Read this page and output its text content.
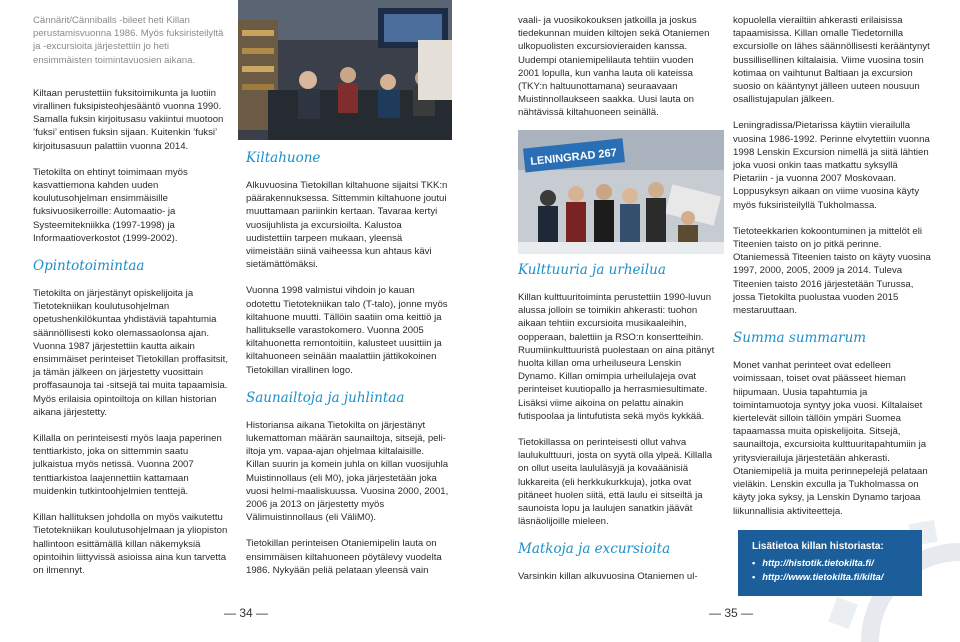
Cännärit/Cänniballs -bileet heti Killan perustamisvuonna 1986. Myös fuksiristeilyltä ja -excursioita järjestettiin jo heti ensimmäisten toimintavuosien aikana.

Kiltaan perustettiin fuksitoimikunta ja luotiin virallinen fuksipisteohjesääntö vuonna 1990. Samalla fuksin kirjoitusasu vakiintui muotoon ’fuksi’ entisen fuksin sijaan. Kuitenkin ’fuksi’ kirjoitusasuun palattiin vuonna 2014.

Tietokilta on ehtinyt toimimaan myös kasvattiemona kahden uuden koulutusohjelman ensimmäisille fuksivuosikerroille: Automaatio- ja Systeemitekniikka (1997-1998) ja Informaatioverkostot (1999-2002).

Opintotoimintaa

Tietokilta on järjestänyt opiskelijoita ja Tietotekniikan koulutusohjelman opetushenkilökuntaa yhdistäviä tapahtumia säännöllisesti koko olemassaolonsa ajan. Vuonna 1987 järjestettiin kautta aikain ensimmäiset perinteiset Tietokillan proffasitsit, ja tämän jälkeen on järjestetty vuosittain proffasaunoja tai -sitsejä tai muita tapaamisia. Myös erilaisia opintoiltoja on killan historian aikana järjestetty.

Killalla on perinteisesti myös laaja paperinen tenttiarkisto, joka on sittemmin saatu julkaistua myös netissä. Vuonna 2007 tenttiarkistoa laajennettiin kattamaan muidenkin tutkintoohjelmien tenttejä.

Killan hallituksen johdolla on myös vaikutettu Tietotekniikan koulutusohjelmaan ja yliopiston hallintoon esittämällä killan näkemyksiä opintoihin liittyvissä asioissa aina kun tarvetta on ilmennyt.

Kiltahuone

Alkuvuosina Tietokillan kiltahuone sijaitsi TKK:n päärakennuksessa. Sittemmin kiltahuone joutui muuttamaan pariinkin kertaan. Tavaraa kertyi vuosijuhlista ja excursioilta. Kalustoa uudistettiin tarpeen mukaan, yleensä viimeistään siinä vaiheessa kun ahtaus kävi sietämättömäksi.

Vuonna 1998 valmistui vihdoin jo kauan odotettu Tietotekniikan talo (T-talo), jonne myös kiltahuone muutti. Tällöin saatiin oma keittiö ja hallitukselle varastokomero. Vuonna 2005 kiltahuonetta remontoitiin, kalusteet uusittiin ja kiltahuoneen seinään maalattiin jättikokoinen Tietokillan virallinen logo.

Saunailtoja ja juhlintaa

Historiansa aikana Tietokilta on järjestänyt lukemattoman määrän saunailtoja, sitsejä, peli-iltoja ym. vapaa-ajan ohjelmaa kiltalaisille. Killan suurin ja komein juhla on killan vuosijuhla Muistinnollaus (eli M0), joka järjestetään joka vuosi helmi-maaliskuussa. Vuosina 2000, 2001, 2006 ja 2013 on järjestetty myös Välimuistinnollaus (eli VäliM0).

Tietokillan perinteisen Otaniemipelin lauta on ensimmäisen kiltahuoneen pöytälevy vuodelta 1986. Nykyään peliä pelataan yleensä vain

— 34 —

vaali- ja vuosikokouksen jatkoilla ja joskus tiedekunnan muiden kiltojen sekä Otaniemen ulkopuolisten excursiovieraiden kanssa. Uudempi otaniemipelilauta tehtiin vuoden 2001 lopulla, kun vanha lauta oli kateissa (TKY:n haltuunottamana) seuraavaan Muistinnollaukseen saakka. Uusi lauta on nähtävissä kiltahuoneen seinällä.

LENINGRAD 267
Kulttuuria ja urheilua

Killan kulttuuritoiminta perustettiin 1990-luvun alussa jolloin se toimikin ahkerasti: tuohon aikaan tehtiin excursioita musikaaleihin, oopperaan, balettiin ja RSO:n konsertteihin. Ruumiinkulttuuristä puolestaan on aina pitänyt huolta killan oma urheiluseura Lenskin Dynamo. Killan omimpia urheilulajeja ovat perinteiset kuutiopallo ja herrasmiesultimate. Lisäksi viime aikoina on pelattu ainakin futispoolaa ja lintufutista sekä myös kykkää.

Tietokillassa on perinteisesti ollut vahva laulukulttuuri, josta on syytä olla ylpeä. Killalla on ollut useita laululäsyjä ja kovaäänisiä lukkareita (eli herkkukurkkuja), jotka ovat pitäneet huolen siitä, että laulu ei sitseiltä ja saunoista lopu ja laulujen sanatkin jäävät läsnäolijoille mieleen.

Matkoja ja excursioita

Varsinkin killan alkuvuosina Otaniemen ul-

kopuolella vierailtiin ahkerasti erilaisissa tapaamisissa. Killan omalle Tiedetornilla excursiolle on lähes säännöllisesti kerääntynyt bussillisellinen kiltalaisia. Viime vuosina tosin kotimaa on vaihtunut Baltiaan ja excursion suosio on kääntynyt jälleen uuteen nousuun osallistujapulan jälkeen.

Leningradissa/Pietarissa käytiin vierailulla vuosina 1986-1992. Perinne elvytettiin vuonna 1998 Lenskin Excursion nimellä ja siitä lähtien joka vuosi onkin taas matkattu syksyllä Pietariin - ja vuonna 2007 Moskovaan. Loppusyksyn aikaan on viime vuosina käyty myös fuksiristeilyllä Tukholmassa.

Tietoteekkarien kokoontuminen ja mittelöt eli Titeenien taisto on jo pitkä perinne. Otaniemessä Titeenien taisto on käyty vuosina 1997, 2000, 2005, 2009 ja 2014. Tuleva Titeenien taisto 2016 järjestetään Turussa, jossa Tietokilta puolustaa vuoden 2015 mestaruuttaan.

Summa summarum

Monet vanhat perinteet ovat edelleen voimissaan, toiset ovat päässeet hieman hiipumaan. Uusia tapahtumia ja toimintamuotoja syntyy joka vuosi. Kiltalaiset kiertelevät silloin tällöin ympäri Suomea tapaamassa muita opiskelijoita. Sitsejä, saunailtoja, excursioita kulttuuritapahtumiin ja yritysvierailuja järjestetään ahkerasti. Otaniemipeliä ja muita perinnepelejä pelataan vieläkin. Lenskin exculla ja Tukholmassa on käyty joka syksy, ja Lenskin Dynamo tarjoaa liikunnallisia aktiviteetteja.

Lisätietoa killan historiasta:
• http://histotik.tietokilta.fi/
• http://www.tietokilta.fi/kilta/
— 35 —
